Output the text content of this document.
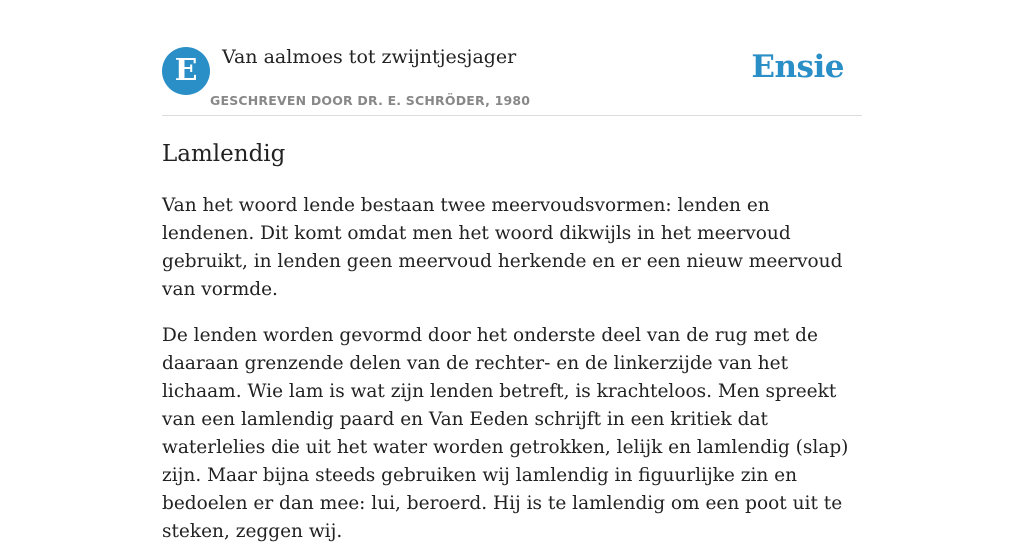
E	Van aalmoes tot zwijntjesjager
GESCHREVEN DOOR DR. E. SCHRÖDER, 1980
Ensie
Lamlendig

Van het woord lende bestaan twee meervoudsvormen: lenden en lendenen. Dit komt omdat men het woord dikwijls in het meervoud gebruikt, in lenden geen meervoud herkende en er een nieuw meervoud van vormde.

De lenden worden gevormd door het onderste deel van de rug met de daaraan grenzende delen van de rechter- en de linkerzijde van het lichaam. Wie lam is wat zijn lenden betreft, is krachteloos. Men spreekt van een lamlendig paard en Van Eeden schrijft in een kritiek dat waterlelies die uit het water worden getrokken, lelijk en lamlendig (slap) zijn. Maar bijna steeds gebruiken wij lamlendig in figuurlijke zin en bedoelen er dan mee: lui, beroerd. Hij is te lamlendig om een poot uit te steken, zeggen wij.
